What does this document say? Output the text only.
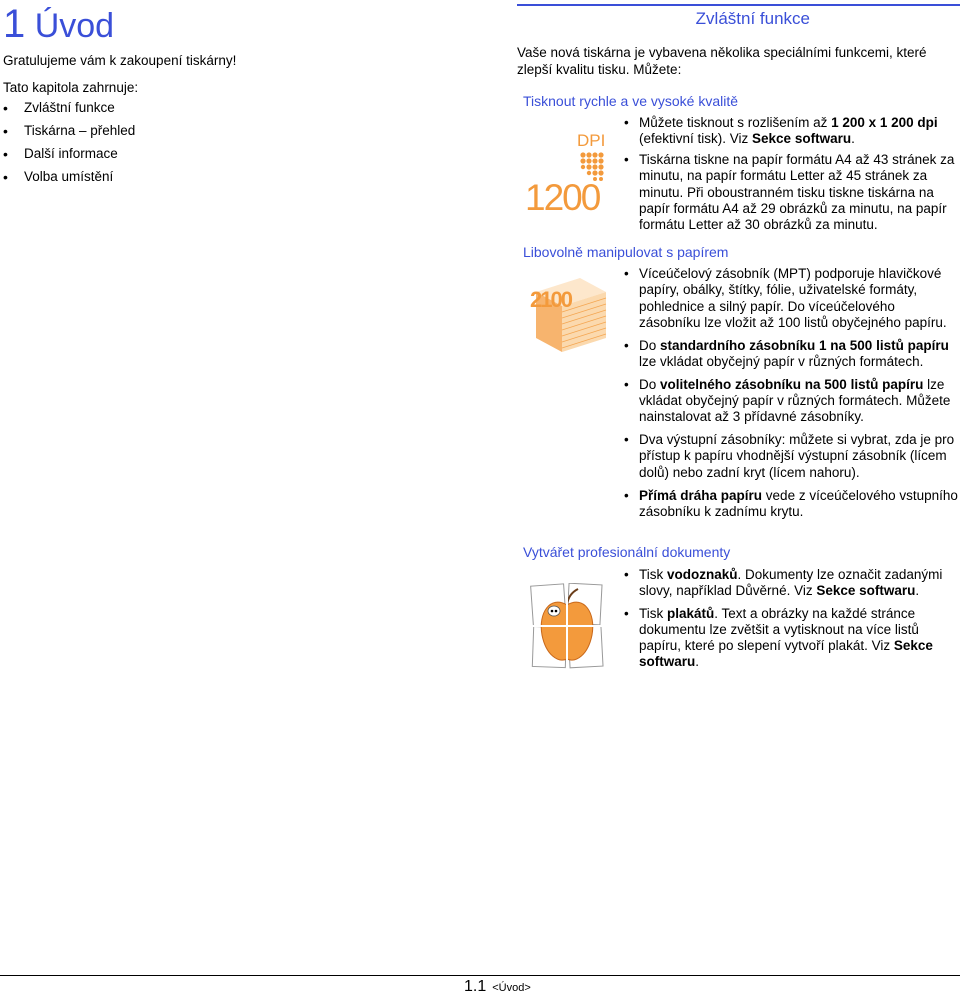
1 Úvod
Gratulujeme vám k zakoupení tiskárny!
Tato kapitola zahrnuje:
• Zvláštní funkce
• Tiskárna – přehled
• Další informace
• Volba umístění
Zvláštní funkce
Vaše nová tiskárna je vybavena několika speciálními funkcemi, které zlepší kvalitu tisku. Můžete:
Tisknout rychle a ve vysoké kvalitě
Libovolně manipulovat s papírem
Vytvářet profesionální dokumenty
• Můžete tisknout s rozlišením až 1 200 x 1 200 dpi (efektivní tisk). Viz Sekce softwaru.
• Tiskárna tiskne na papír formátu A4 až 43 stránek za minutu, na papír formátu Letter až 45 stránek za minutu. Při oboustranném tisku tiskne tiskárna na papír formátu A4 až 29 obrázků za minutu, na papír formátu Letter až 30 obrázků za minutu.
• Víceúčelový zásobník (MPT) podporuje hlavičkové papíry, obálky, štítky, fólie, uživatelské formáty, pohlednice a silný papír. Do víceúčelového zásobníku lze vložit až 100 listů obyčejného papíru.
• Do standardního zásobníku 1 na 500 listů papíru lze vkládat obyčejný papír v různých formátech.
• Do volitelného zásobníku na 500 listů papíru lze vkládat obyčejný papír v různých formátech. Můžete nainstalovat až 3 přídavné zásobníky.
• Dva výstupní zásobníky: můžete si vybrat, zda je pro přístup k papíru vhodnější výstupní zásobník (lícem dolů) nebo zadní kryt (lícem nahoru).
• Přímá dráha papíru vede z víceúčelového vstupního zásobníku k zadnímu krytu.
• Tisk vodoznaků. Dokumenty lze označit zadanými slovy, například Důvěrné. Viz Sekce softwaru.
• Tisk plakátů. Text a obrázky na každé stránce dokumentu lze zvětšit a vytisknout na více listů papíru, které po slepení vytvoří plakát. Viz Sekce softwaru.
DPI
1200
2100
1.1 <Úvod>
